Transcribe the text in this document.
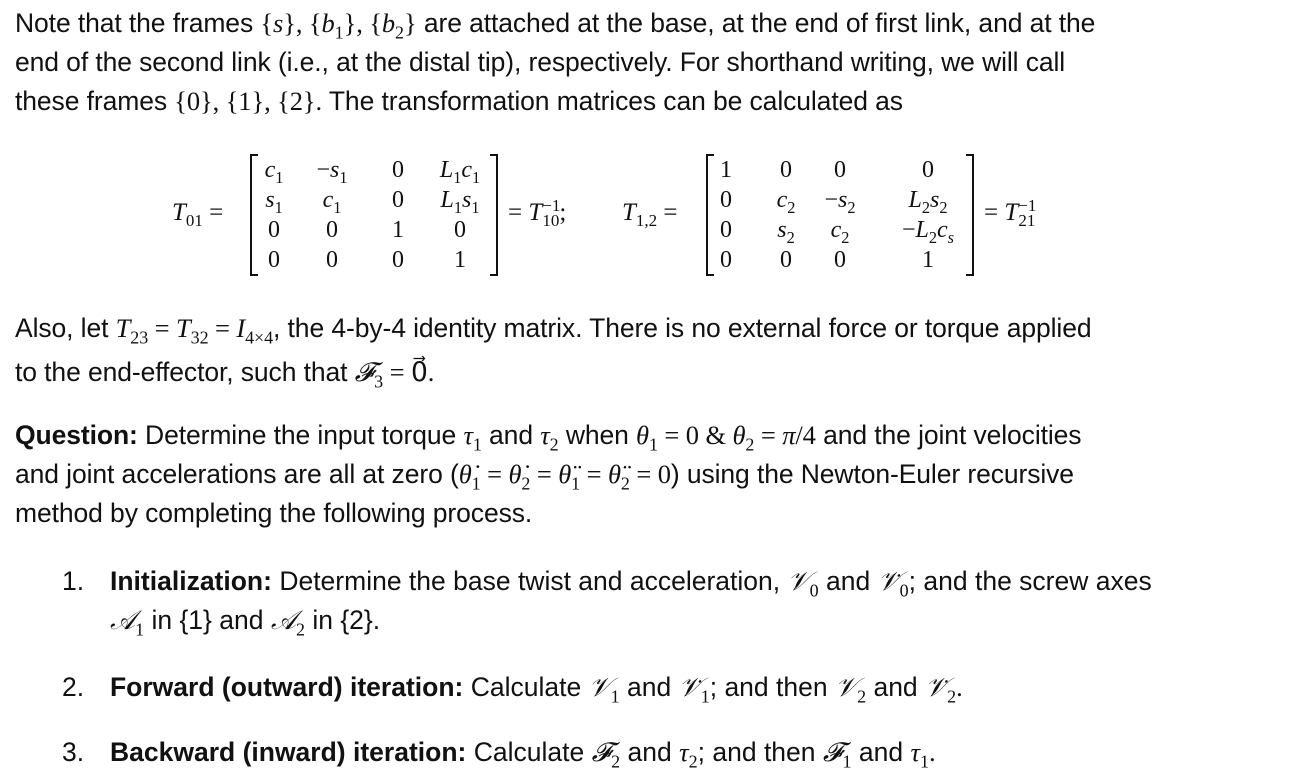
Note that the frames {s}, $\{b_1\}$, $\{b_2\}$ are attached at the base, at the end of first link, and at the
end of the second link (i.e., at the distal tip), respectively. For shorthand writing, we will call
these frames {0}, {1}, {2}. The transformation matrices can be calculated as
$T_{01}$ =
$c_1$	$-s_1$	0	$L_1c_1$
$s_1$	$c_1$	0	$L_1s_1$
0	0	1	0
0	0	0	1
= $T^{-1}_{10}$; $T_{1,2}$ =
1	0	0	0
0	$c_2$	$-s_2$	$L_2s_2$
0	$s_2$	$c_2$	$-L_2c_s$
0	0	0	1
= $T^{-1}_{21}$
Also, let $T_{23} = T_{32} = I_{4\times 4}$, the 4-by-4 identity matrix. There is no external force or torque applied
to the end-effector, such that 𝓕$_3$ = 0⃗.
Question: Determine the input torque $\tau_1$ and $\tau_2$ when $\theta_1 = 0$ & $\theta_2 = \pi/4$ and the joint velocities
and joint accelerations are all at zero ($\thetȧ_1$ = $\thetȧ_2$ = $\thetä_1$ = $\thetä_2 = 0$) using the Newton-Euler recursive
method by completing the following process.
1. Initialization: Determine the base twist and acceleration, 𝒱$_0$ and $𝒱̇_0$; and the screw axes
𝒜$_1$ in {1} and 𝒜$_2$ in {2}.
2. Forward (outward) iteration: Calculate 𝒱$_1$ and $𝒱̇_1$; and then 𝒱$_2$ and $𝒱̇_2$.
3. Backward (inward) iteration: Calculate 𝓕$_2$ and $\tau_2$; and then 𝓕$_1$ and $\tau_1$.
